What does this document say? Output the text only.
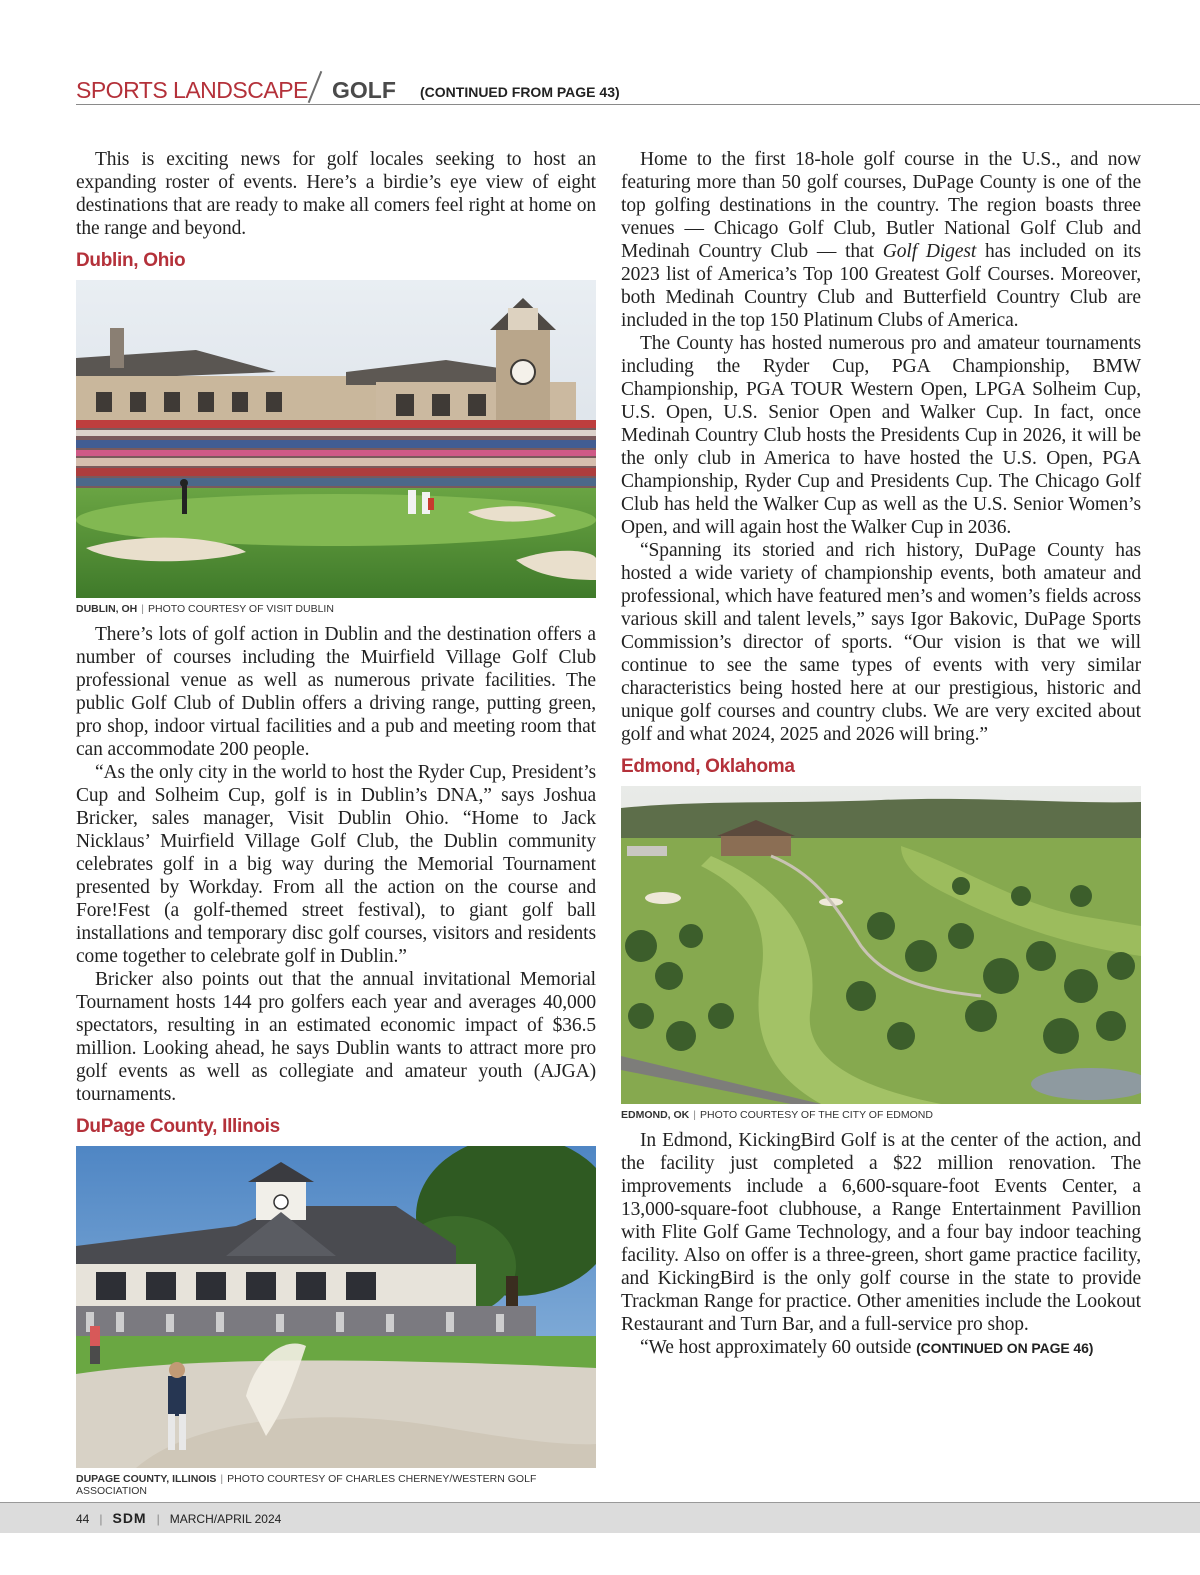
SPORTS LANDSCAPE GOLF (CONTINUED FROM PAGE 43)

This is exciting news for golf locales seeking to host an expanding roster of events. Here’s a birdie’s eye view of eight destinations that are ready to make all comers feel right at home on the range and beyond.

Dublin, Ohio
DUBLIN, OH | PHOTO COURTESY OF VISIT DUBLIN

There’s lots of golf action in Dublin and the destination offers a number of courses including the Muirfield Village Golf Club professional venue as well as numerous private facilities. The public Golf Club of Dublin offers a driving range, putting green, pro shop, indoor virtual facilities and a pub and meeting room that can accommodate 200 people.

“As the only city in the world to host the Ryder Cup, President’s Cup and Solheim Cup, golf is in Dublin’s DNA,” says Joshua Bricker, sales manager, Visit Dublin Ohio. “Home to Jack Nicklaus’ Muirfield Village Golf Club, the Dublin community celebrates golf in a big way during the Memorial Tournament presented by Workday. From all the action on the course and Fore!Fest (a golf-themed street festival), to giant golf ball installations and temporary disc golf courses, visitors and residents come together to celebrate golf in Dublin.”

Bricker also points out that the annual invitational Memorial Tournament hosts 144 pro golfers each year and averages 40,000 spectators, resulting in an estimated economic impact of $36.5 million. Looking ahead, he says Dublin wants to attract more pro golf events as well as collegiate and amateur youth (AJGA) tournaments.

DuPage County, Illinois
DUPAGE COUNTY, ILLINOIS | PHOTO COURTESY OF CHARLES CHERNEY/WESTERN GOLF ASSOCIATION

Home to the first 18-hole golf course in the U.S., and now featuring more than 50 golf courses, DuPage County is one of the top golfing destinations in the country. The region boasts three venues — Chicago Golf Club, Butler National Golf Club and Medinah Country Club — that Golf Digest has included on its 2023 list of America’s Top 100 Greatest Golf Courses. Moreover, both Medinah Country Club and Butterfield Country Club are included in the top 150 Platinum Clubs of America.

The County has hosted numerous pro and amateur tournaments including the Ryder Cup, PGA Championship, BMW Championship, PGA TOUR Western Open, LPGA Solheim Cup, U.S. Open, U.S. Senior Open and Walker Cup. In fact, once Medinah Country Club hosts the Presidents Cup in 2026, it will be the only club in America to have hosted the U.S. Open, PGA Championship, Ryder Cup and Presidents Cup. The Chicago Golf Club has held the Walker Cup as well as the U.S. Senior Women’s Open, and will again host the Walker Cup in 2036.

“Spanning its storied and rich history, DuPage County has hosted a wide variety of championship events, both amateur and professional, which have featured men’s and women’s fields across various skill and talent levels,” says Igor Bakovic, DuPage Sports Commission’s director of sports. “Our vision is that we will continue to see the same types of events with very similar characteristics being hosted here at our prestigious, historic and unique golf courses and country clubs. We are very excited about golf and what 2024, 2025 and 2026 will bring.”

Edmond, Oklahoma
EDMOND, OK | PHOTO COURTESY OF THE CITY OF EDMOND

In Edmond, KickingBird Golf is at the center of the action, and the facility just completed a $22 million renovation. The improvements include a 6,600-square-foot Events Center, a 13,000-square-foot clubhouse, a Range Entertainment Pavillion with Flite Golf Game Technology, and a four bay indoor teaching facility. Also on offer is a three-green, short game practice facility, and KickingBird is the only golf course in the state to provide Trackman Range for practice. Other amenities include the Lookout Restaurant and Turn Bar, and a full-service pro shop.

“We host approximately 60 outside (CONTINUED ON PAGE 46)

44 | SDM | MARCH/APRIL 2024
